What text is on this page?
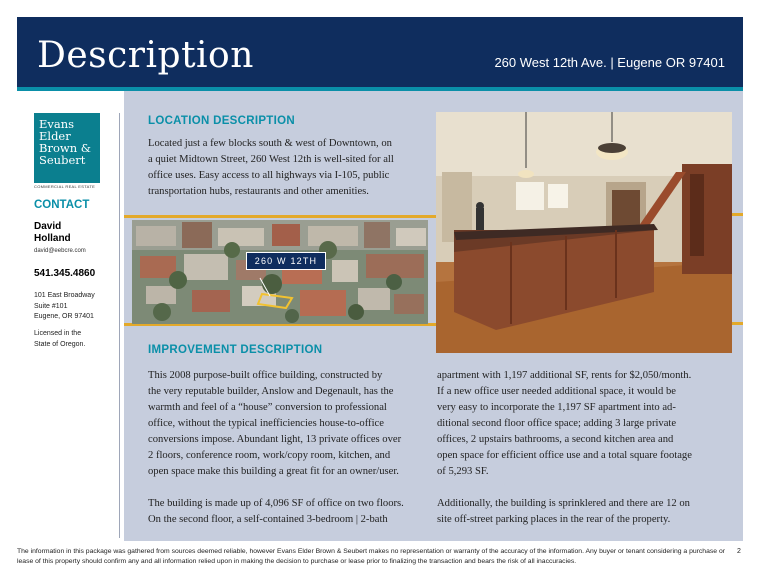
Description	260 West 12th Ave. | Eugene OR 97401
Evans
Elder
Brown &
Seubert
COMMERCIAL REAL ESTATE
CONTACT
David
Holland
david@eebcre.com
541.345.4860
101 East Broadway
Suite #101
Eugene, OR 97401
Licensed in the
State of Oregon.
LOCATION DESCRIPTION
Located just a few blocks south & west of Downtown, on
a quiet Midtown Street, 260 West 12th is well-sited for all
office uses. Easy access to all highways via I-105, public
transportation hubs, restaurants and other amenities.
260 W 12TH
IMPROVEMENT DESCRIPTION
This 2008 purpose-built office building, constructed by
the very reputable builder, Anslow and Degenault, has the
warmth and feel of a “house” conversion to professional
office, without the typical inefficiencies house-to-office
conversions impose. Abundant light, 13 private offices over
2 floors, conference room, work/copy room, kitchen, and
open space make this building a great fit for an owner/user.
The building is made up of 4,096 SF of office on two floors.
On the second floor, a self-contained 3-bedroom | 2-bath
apartment with 1,197 additional SF, rents for $2,050/month.
If a new office user needed additional space, it would be
very easy to incorporate the 1,197 SF apartment into ad-
ditional second floor office space; adding 3 large private
offices, 2 upstairs bathrooms, a second kitchen area and
open space for efficient office use and a total square footage
of 5,293 SF.
Additionally, the building is sprinklered and there are 12 on
site off-street parking places in the rear of the property.
The information in this package was gathered from sources deemed reliable, however Evans Elder Brown & Seubert makes no representation or warranty of the accuracy of the information. Any buyer or tenant considering a purchase or lease of this property should confirm any and all information relied upon in making the decision to purchase or lease prior to finalizing the transaction and bears the risk of all inaccuracies.
2
